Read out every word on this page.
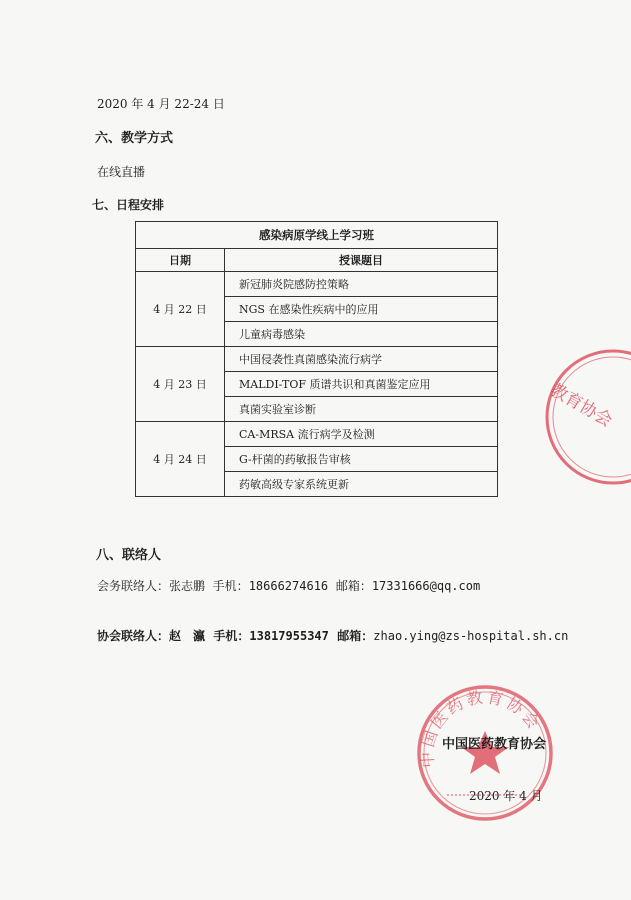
教育协会
中国医药教育协会
2020 年 4 月 22-24 日
六、教学方式
在线直播
七、日程安排
感染病原学线上学习班	
日期	授课题目
4 月 22 日	新冠肺炎院感防控策略
	NGS 在感染性疾病中的应用
	儿童病毒感染
4 月 23 日	中国侵袭性真菌感染流行病学
	MALDI-TOF 质谱共识和真菌鉴定应用
	真菌实验室诊断
4 月 24 日	CA-MRSA 流行病学及检测
	G-杆菌的药敏报告审核
	药敏高级专家系统更新
八、联络人
会务联络人：张志鹏 手机：18666274616 邮箱：17331666@qq.com
协会联络人：赵　瀛 手机：13817955347 邮箱：zhao.ying@zs-hospital.sh.cn
中国医药教育协会
2020 年 4 月
